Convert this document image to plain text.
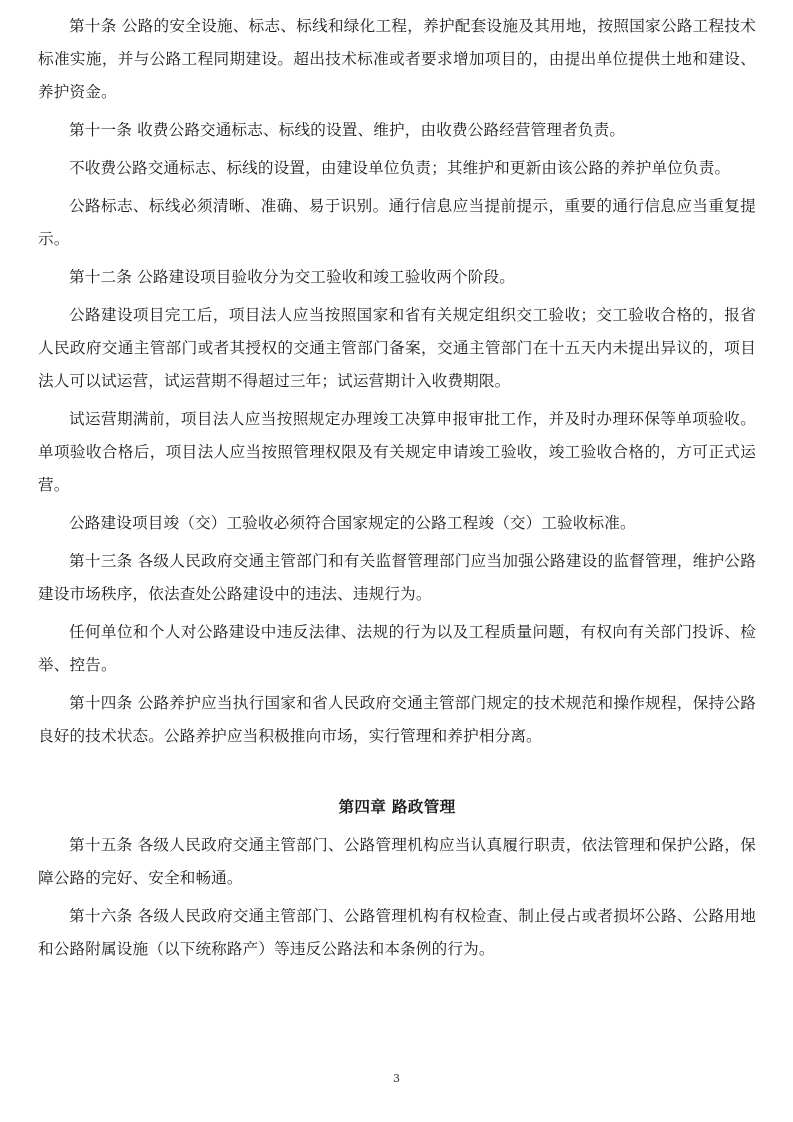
第十条 公路的安全设施、标志、标线和绿化工程，养护配套设施及其用地，按照国家公路工程技术标准实施，并与公路工程同期建设。超出技术标准或者要求增加项目的，由提出单位提供土地和建设、养护资金。

第十一条 收费公路交通标志、标线的设置、维护，由收费公路经营管理者负责。

不收费公路交通标志、标线的设置，由建设单位负责；其维护和更新由该公路的养护单位负责。

公路标志、标线必须清晰、准确、易于识别。通行信息应当提前提示，重要的通行信息应当重复提示。

第十二条 公路建设项目验收分为交工验收和竣工验收两个阶段。

公路建设项目完工后，项目法人应当按照国家和省有关规定组织交工验收；交工验收合格的，报省人民政府交通主管部门或者其授权的交通主管部门备案，交通主管部门在十五天内未提出异议的，项目法人可以试运营，试运营期不得超过三年；试运营期计入收费期限。

试运营期满前，项目法人应当按照规定办理竣工决算申报审批工作，并及时办理环保等单项验收。单项验收合格后，项目法人应当按照管理权限及有关规定申请竣工验收，竣工验收合格的，方可正式运营。

公路建设项目竣（交）工验收必须符合国家规定的公路工程竣（交）工验收标准。

第十三条 各级人民政府交通主管部门和有关监督管理部门应当加强公路建设的监督管理，维护公路建设市场秩序，依法查处公路建设中的违法、违规行为。

任何单位和个人对公路建设中违反法律、法规的行为以及工程质量问题，有权向有关部门投诉、检举、控告。

第十四条 公路养护应当执行国家和省人民政府交通主管部门规定的技术规范和操作规程，保持公路良好的技术状态。公路养护应当积极推向市场，实行管理和养护相分离。

第四章 路政管理

第十五条 各级人民政府交通主管部门、公路管理机构应当认真履行职责，依法管理和保护公路，保障公路的完好、安全和畅通。

第十六条 各级人民政府交通主管部门、公路管理机构有权检查、制止侵占或者损坏公路、公路用地和公路附属设施（以下统称路产）等违反公路法和本条例的行为。

3
